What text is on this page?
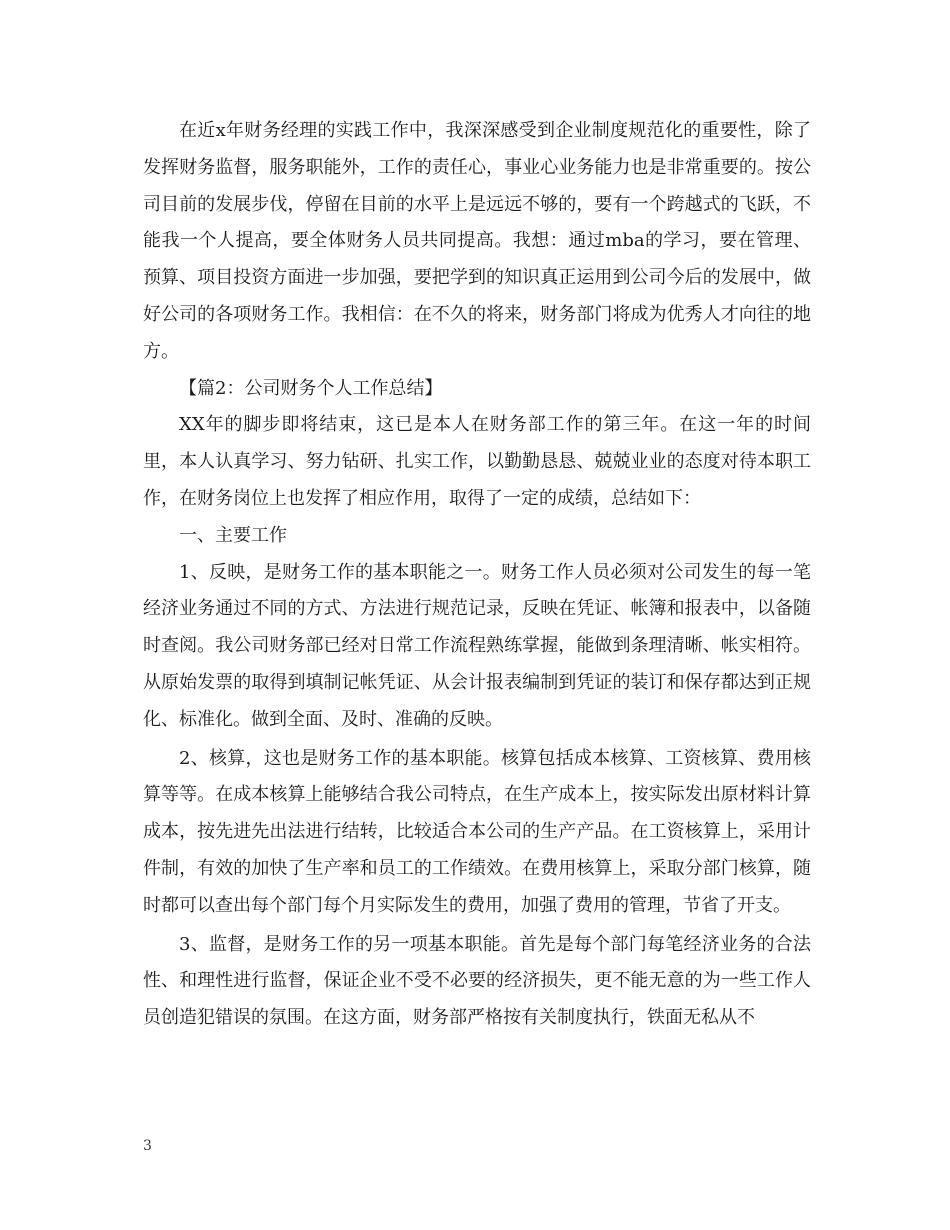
在近x年财务经理的实践工作中，我深深感受到企业制度规范化的重要性，除了发挥财务监督，服务职能外，工作的责任心，事业心业务能力也是非常重要的。按公司目前的发展步伐，停留在目前的水平上是远远不够的，要有一个跨越式的飞跃，不能我一个人提高，要全体财务人员共同提高。我想：通过mba的学习，要在管理、预算、项目投资方面进一步加强，要把学到的知识真正运用到公司今后的发展中，做好公司的各项财务工作。我相信：在不久的将来，财务部门将成为优秀人才向往的地方。

【篇2：公司财务个人工作总结】

XX年的脚步即将结束，这已是本人在财务部工作的第三年。在这一年的时间里，本人认真学习、努力钻研、扎实工作，以勤勤恳恳、兢兢业业的态度对待本职工作，在财务岗位上也发挥了相应作用，取得了一定的成绩，总结如下：

一、主要工作

1、反映，是财务工作的基本职能之一。财务工作人员必须对公司发生的每一笔经济业务通过不同的方式、方法进行规范记录，反映在凭证、帐簿和报表中，以备随时查阅。我公司财务部已经对日常工作流程熟练掌握，能做到条理清晰、帐实相符。从原始发票的取得到填制记帐凭证、从会计报表编制到凭证的装订和保存都达到正规化、标准化。做到全面、及时、准确的反映。

2、核算，这也是财务工作的基本职能。核算包括成本核算、工资核算、费用核算等等。在成本核算上能够结合我公司特点，在生产成本上，按实际发出原材料计算成本，按先进先出法进行结转，比较适合本公司的生产产品。在工资核算上，采用计件制，有效的加快了生产率和员工的工作绩效。在费用核算上，采取分部门核算，随时都可以查出每个部门每个月实际发生的费用，加强了费用的管理，节省了开支。

3、监督，是财务工作的另一项基本职能。首先是每个部门每笔经济业务的合法性、和理性进行监督，保证企业不受不必要的经济损失，更不能无意的为一些工作人员创造犯错误的氛围。在这方面，财务部严格按有关制度执行，铁面无私从不

3
